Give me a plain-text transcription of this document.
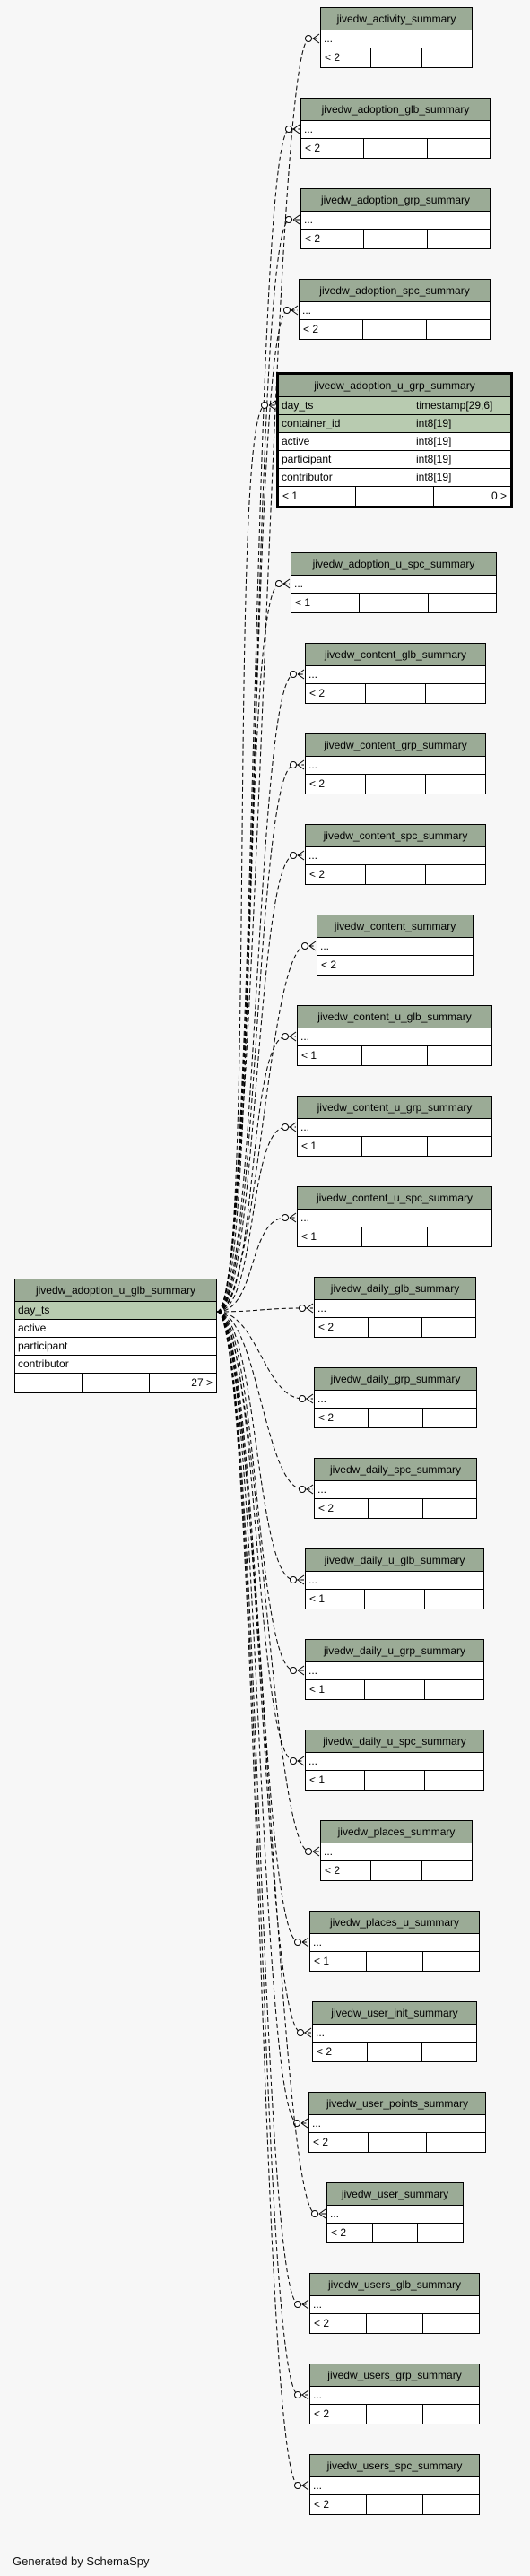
jivedw_activity_summary
...
< 2
jivedw_adoption_glb_summary
...
< 2
jivedw_adoption_grp_summary
...
< 2
jivedw_adoption_spc_summary
...
< 2
jivedw_adoption_u_spc_summary
...
< 1
jivedw_content_glb_summary
...
< 2
jivedw_content_grp_summary
...
< 2
jivedw_content_spc_summary
...
< 2
jivedw_content_summary
...
< 2
jivedw_content_u_glb_summary
...
< 1
jivedw_content_u_grp_summary
...
< 1
jivedw_content_u_spc_summary
...
< 1
jivedw_daily_glb_summary
...
< 2
jivedw_daily_grp_summary
...
< 2
jivedw_daily_spc_summary
...
< 2
jivedw_daily_u_glb_summary
...
< 1
jivedw_daily_u_grp_summary
...
< 1
jivedw_daily_u_spc_summary
...
< 1
jivedw_places_summary
...
< 2
jivedw_places_u_summary
...
< 1
jivedw_user_init_summary
...
< 2
jivedw_user_points_summary
...
< 2
jivedw_user_summary
...
< 2
jivedw_users_glb_summary
...
< 2
jivedw_users_grp_summary
...
< 2
jivedw_users_spc_summary
...
< 2
jivedw_adoption_u_grp_summary
day_ts	timestamp[29,6]
container_id	int8[19]
active	int8[19]
participant	int8[19]
contributor	int8[19]
< 1	0 >
jivedw_adoption_u_glb_summary
day_ts
active
participant
contributor
27 >
Generated by SchemaSpy
